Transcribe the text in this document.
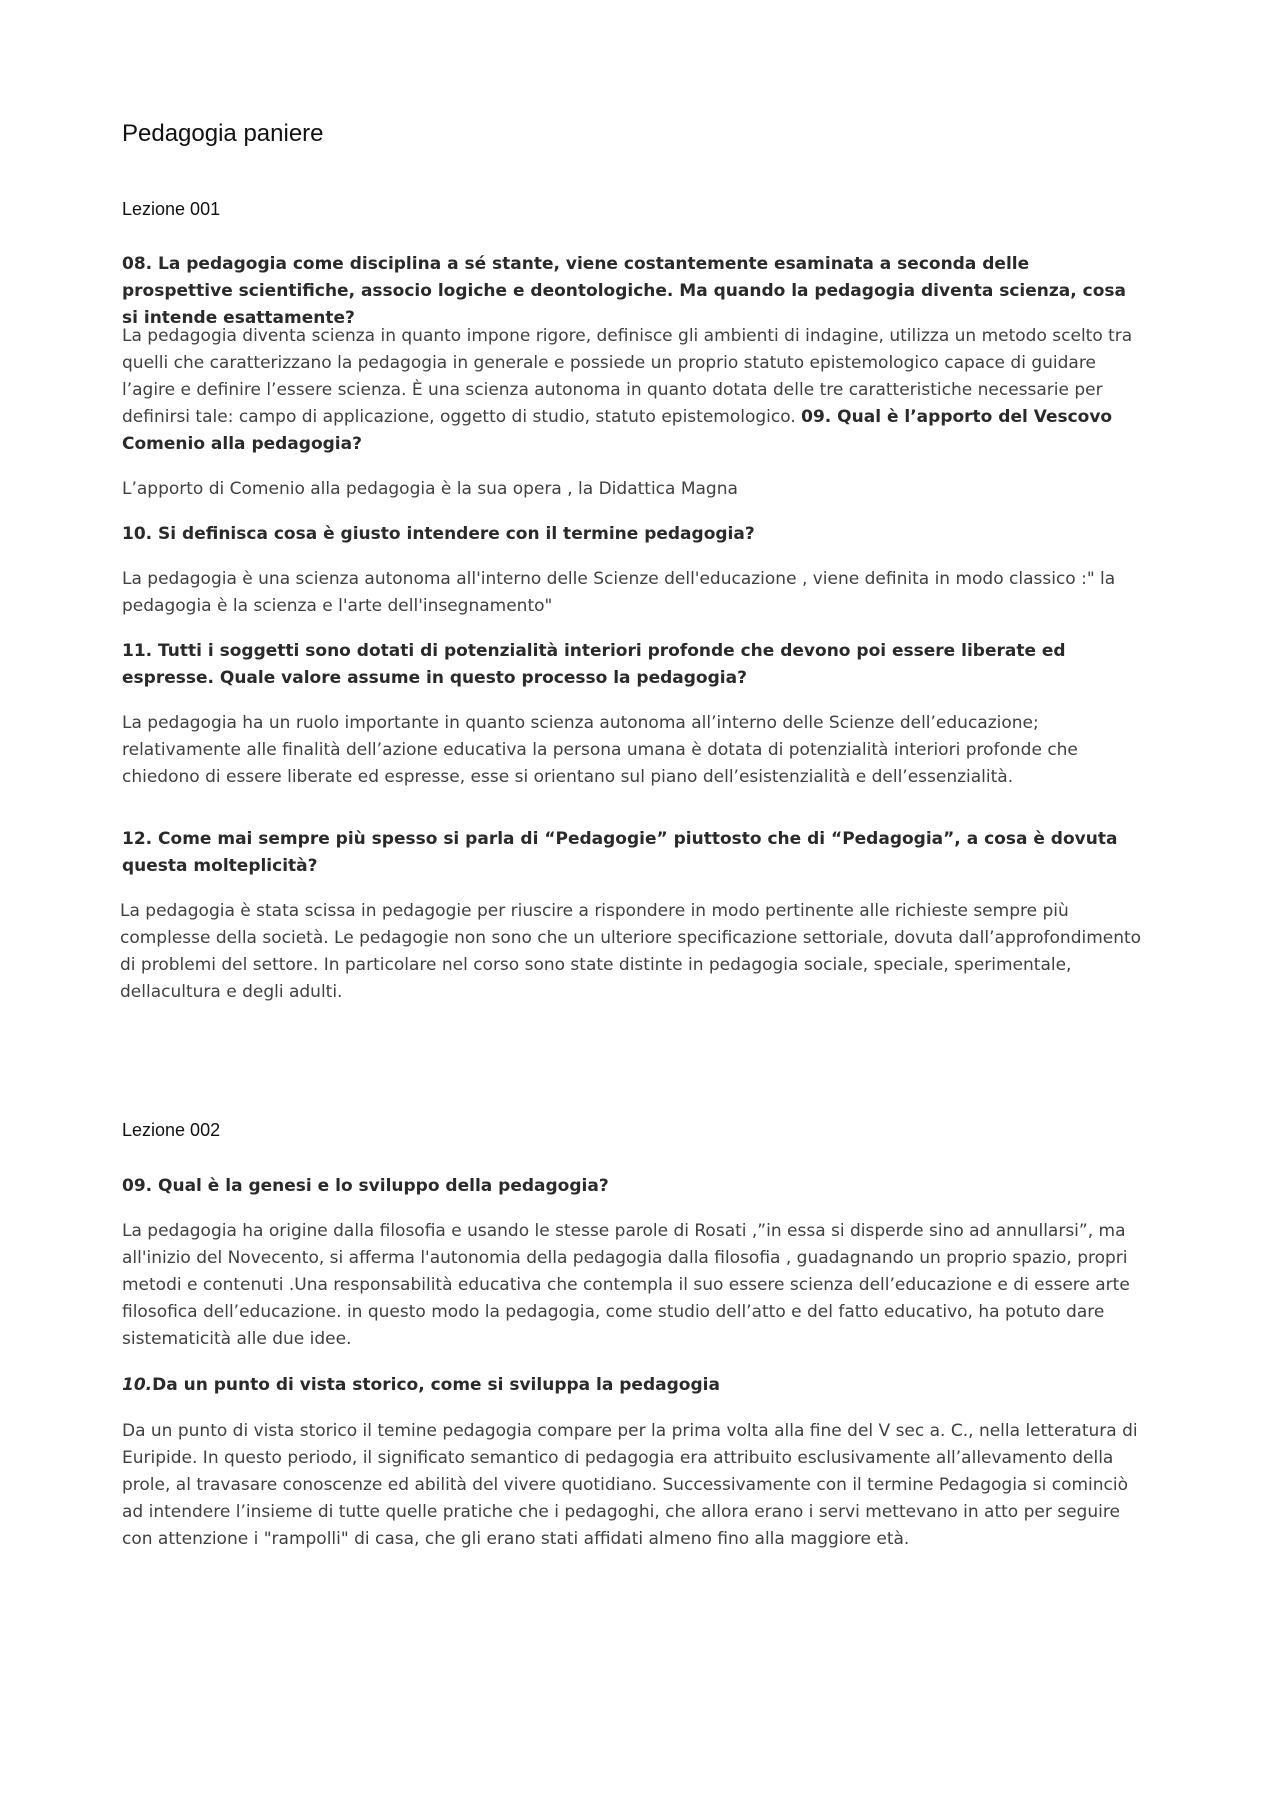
Pedagogia paniere

Lezione 001

08. La pedagogia come disciplina a sé stante, viene costantemente esaminata a seconda delle prospettive scientifiche, associo logiche e deontologiche. Ma quando la pedagogia diventa scienza, cosa si intende esattamente?

La pedagogia diventa scienza in quanto impone rigore, definisce gli ambienti di indagine, utilizza un metodo scelto tra quelli che caratterizzano la pedagogia in generale e possiede un proprio statuto epistemologico capace di guidare l’agire e definire l’essere scienza. È una scienza autonoma in quanto dotata delle tre caratteristiche necessarie per definirsi tale: campo di applicazione, oggetto di studio, statuto epistemologico. 09. Qual è l’apporto del Vescovo Comenio alla pedagogia?

L’apporto di Comenio alla pedagogia è la sua opera , la Didattica Magna

10. Si definisca cosa è giusto intendere con il termine pedagogia?

La pedagogia è una scienza autonoma all'interno delle Scienze dell'educazione , viene definita in modo classico :" la pedagogia è la scienza e l'arte dell'insegnamento"

11. Tutti i soggetti sono dotati di potenzialità interiori profonde che devono poi essere liberate ed espresse. Quale valore assume in questo processo la pedagogia?

La pedagogia ha un ruolo importante in quanto scienza autonoma all’interno delle Scienze dell’educazione; relativamente alle finalità dell’azione educativa la persona umana è dotata di potenzialità interiori profonde che chiedono di essere liberate ed espresse, esse si orientano sul piano dell’esistenzialità e dell’essenzialità.

12. Come mai sempre più spesso si parla di “Pedagogie” piuttosto che di “Pedagogia”, a cosa è dovuta questa molteplicità?

La pedagogia è stata scissa in pedagogie per riuscire a rispondere in modo pertinente alle richieste sempre più complesse della società. Le pedagogie non sono che un ulteriore specificazione settoriale, dovuta dall’approfondimento di problemi del settore. In particolare nel corso sono state distinte in pedagogia sociale, speciale, sperimentale, dellacultura e degli adulti.

Lezione 002

09. Qual è la genesi e lo sviluppo della pedagogia?

La pedagogia ha origine dalla filosofia e usando le stesse parole di Rosati ,”in essa si disperde sino ad annullarsi”, ma all'inizio del Novecento, si afferma l'autonomia della pedagogia dalla filosofia , guadagnando un proprio spazio, propri metodi e contenuti .Una responsabilità educativa che contempla il suo essere scienza dell’educazione e di essere arte filosofica dell’educazione. in questo modo la pedagogia, come studio dell’atto e del fatto educativo, ha potuto dare sistematicità alle due idee.

10.Da un punto di vista storico, come si sviluppa la pedagogia

Da un punto di vista storico il temine pedagogia compare per la prima volta alla fine del V sec a. C., nella letteratura di Euripide. In questo periodo, il significato semantico di pedagogia era attribuito esclusivamente all’allevamento della prole, al travasare conoscenze ed abilità del vivere quotidiano. Successivamente con il termine Pedagogia si cominciò ad intendere l’insieme di tutte quelle pratiche che i pedagoghi, che allora erano i servi mettevano in atto per seguire con attenzione i "rampolli" di casa, che gli erano stati affidati almeno fino alla maggiore età.
